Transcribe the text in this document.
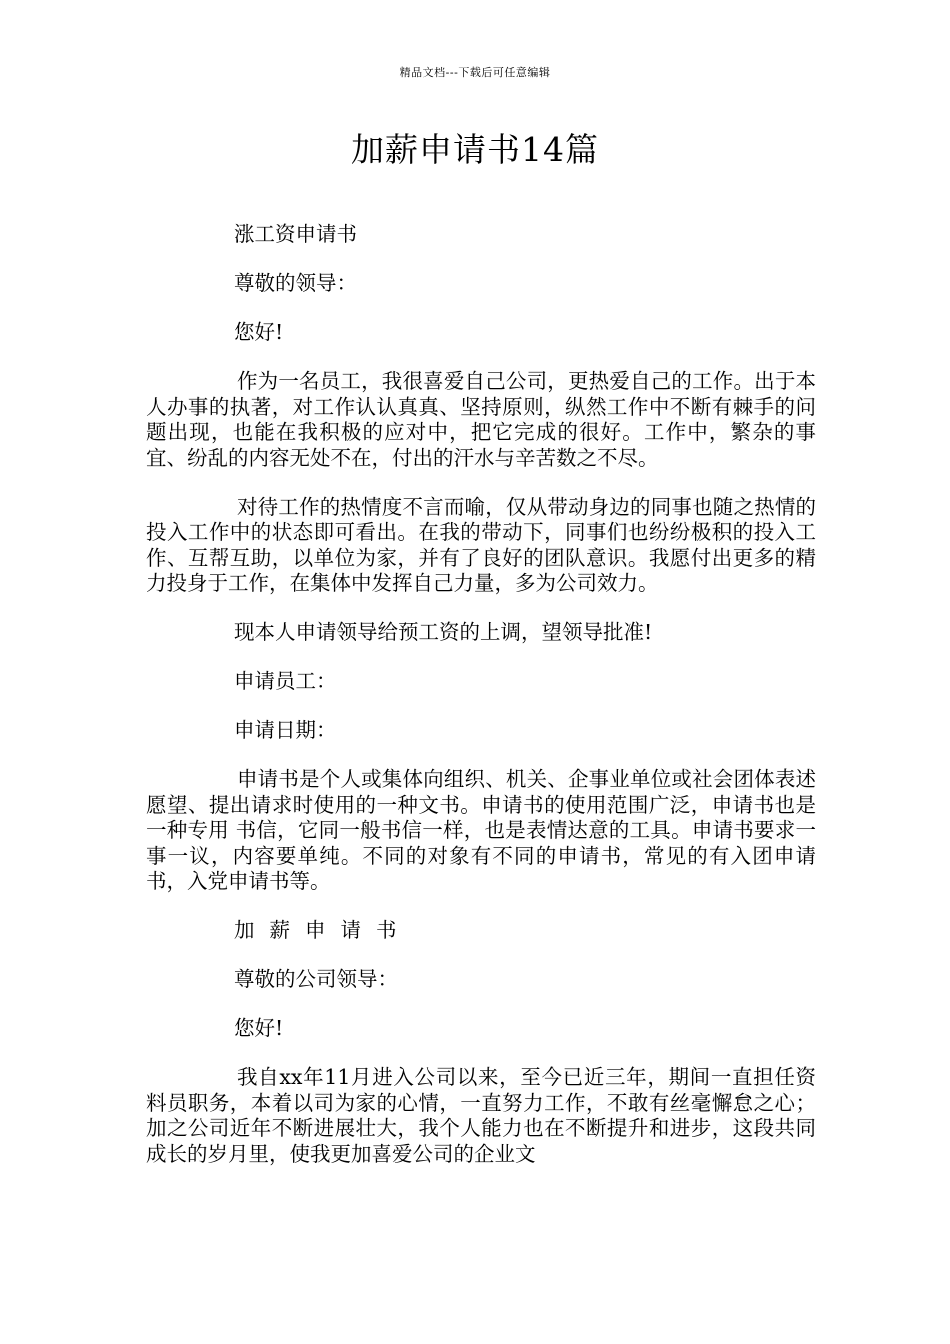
精品文档---下载后可任意编辑
加薪申请书14篇

涨工资申请书

尊敬的领导：

您好!

作为一名员工，我很喜爱自己公司，更热爱自己的工作。出于本人办事的执著，对工作认认真真、坚持原则，纵然工作中不断有棘手的问题出现，也能在我积极的应对中，把它完成的很好。工作中，繁杂的事宜、纷乱的内容无处不在，付出的汗水与辛苦数之不尽。

对待工作的热情度不言而喻，仅从带动身边的同事也随之热情的投入工作中的状态即可看出。在我的带动下，同事们也纷纷极积的投入工作、互帮互助，以单位为家，并有了良好的团队意识。我愿付出更多的精力投身于工作，在集体中发挥自己力量，多为公司效力。

现本人申请领导给预工资的上调，望领导批准!

申请员工：

申请日期：

申请书是个人或集体向组织、机关、企事业单位或社会团体表述愿望、提出请求时使用的一种文书。申请书的使用范围广泛，申请书也是一种专用 书信，它同一般书信一样，也是表情达意的工具。申请书要求一事一议，内容要单纯。不同的对象有不同的申请书，常见的有入团申请书，入党申请书等。

加薪申请书

尊敬的公司领导：

您好!

我自xx年11月进入公司以来，至今已近三年，期间一直担任资料员职务，本着以司为家的心情，一直努力工作，不敢有丝毫懈怠之心；加之公司近年不断进展壮大，我个人能力也在不断提升和进步，这段共同成长的岁月里，使我更加喜爱公司的企业文
